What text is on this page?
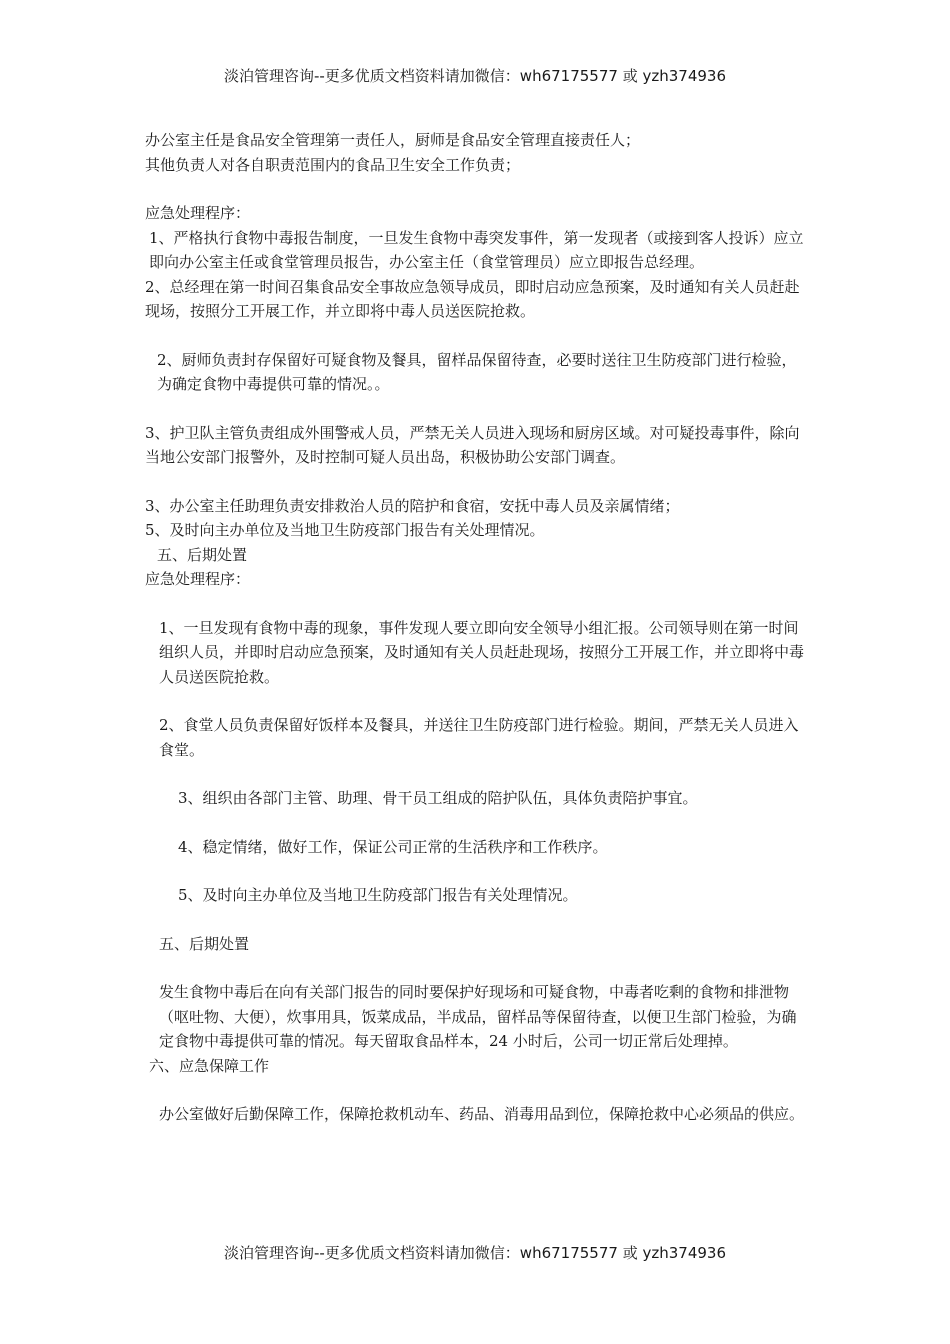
淡泊管理咨询--更多优质文档资料请加微信：wh67175577 或 yzh374936

办公室主任是食品安全管理第一责任人，厨师是食品安全管理直接责任人；

其他负责人对各自职责范围内的食品卫生安全工作负责；

应急处理程序：

1、严格执行食物中毒报告制度，一旦发生食物中毒突发事件，第一发现者（或接到客人投诉）应立即向办公室主任或食堂管理员报告，办公室主任（食堂管理员）应立即报告总经理。

2、总经理在第一时间召集食品安全事故应急领导成员，即时启动应急预案，及时通知有关人员赶赴现场，按照分工开展工作，并立即将中毒人员送医院抢救。

2、厨师负责封存保留好可疑食物及餐具，留样品保留待查，必要时送往卫生防疫部门进行检验，为确定食物中毒提供可靠的情况。。

3、护卫队主管负责组成外围警戒人员，严禁无关人员进入现场和厨房区域。对可疑投毒事件，除向当地公安部门报警外，及时控制可疑人员出岛，积极协助公安部门调查。

3、办公室主任助理负责安排救治人员的陪护和食宿，安抚中毒人员及亲属情绪；

5、及时向主办单位及当地卫生防疫部门报告有关处理情况。

五、后期处置

应急处理程序：

1、一旦发现有食物中毒的现象，事件发现人要立即向安全领导小组汇报。公司领导则在第一时间组织人员，并即时启动应急预案，及时通知有关人员赶赴现场，按照分工开展工作，并立即将中毒人员送医院抢救。

2、食堂人员负责保留好饭样本及餐具，并送往卫生防疫部门进行检验。期间，严禁无关人员进入食堂。

3、组织由各部门主管、助理、骨干员工组成的陪护队伍，具体负责陪护事宜。

4、稳定情绪，做好工作，保证公司正常的生活秩序和工作秩序。

5、及时向主办单位及当地卫生防疫部门报告有关处理情况。

五、后期处置

发生食物中毒后在向有关部门报告的同时要保护好现场和可疑食物，中毒者吃剩的食物和排泄物（呕吐物、大便），炊事用具，饭菜成品，半成品，留样品等保留待查，以便卫生部门检验，为确定食物中毒提供可靠的情况。每天留取食品样本，24 小时后，公司一切正常后处理掉。

六、应急保障工作

办公室做好后勤保障工作，保障抢救机动车、药品、消毒用品到位，保障抢救中心必须品的供应。

淡泊管理咨询--更多优质文档资料请加微信：wh67175577 或 yzh374936
